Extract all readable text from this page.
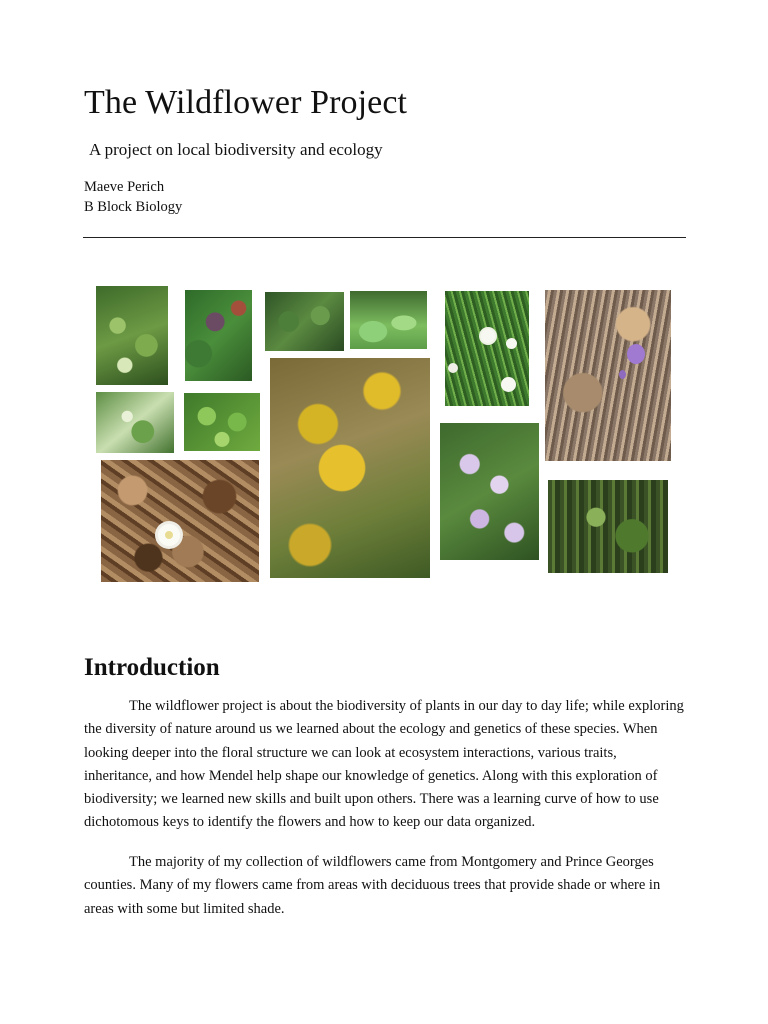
The Wildflower Project

A project on local biodiversity and ecology

Maeve Perich
B Block Biology
Introduction

The wildflower project is about the biodiversity of plants in our day to day life; while exploring the diversity of nature around us we learned about the ecology and genetics of these species. When looking deeper into the floral structure we can look at ecosystem interactions, various traits, inheritance, and how Mendel help shape our knowledge of genetics. Along with this exploration of biodiversity; we learned new skills and built upon others. There was a learning curve of how to use dichotomous keys to identify the flowers and how to keep our data organized.

The majority of my collection of wildflowers came from Montgomery and Prince Georges counties. Many of my flowers came from areas with deciduous trees that provide shade or where in areas with some but limited shade.
